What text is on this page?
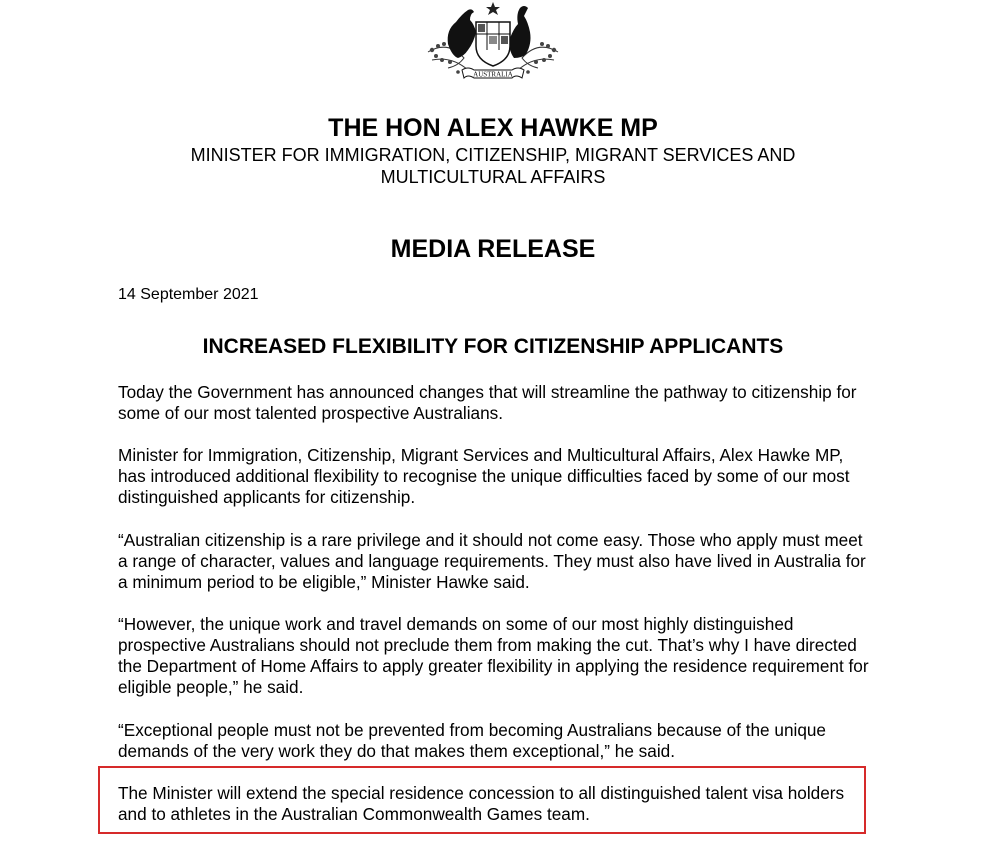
AUSTRALIA
THE HON ALEX HAWKE MP
MINISTER FOR IMMIGRATION, CITIZENSHIP, MIGRANT SERVICES AND MULTICULTURAL AFFAIRS
MEDIA RELEASE
14 September 2021
INCREASED FLEXIBILITY FOR CITIZENSHIP APPLICANTS

Today the Government has announced changes that will streamline the pathway to citizenship for some of our most talented prospective Australians.

Minister for Immigration, Citizenship, Migrant Services and Multicultural Affairs, Alex Hawke MP, has introduced additional flexibility to recognise the unique difficulties faced by some of our most distinguished applicants for citizenship.

“Australian citizenship is a rare privilege and it should not come easy. Those who apply must meet a range of character, values and language requirements. They must also have lived in Australia for a minimum period to be eligible,” Minister Hawke said.

“However, the unique work and travel demands on some of our most highly distinguished prospective Australians should not preclude them from making the cut. That’s why I have directed the Department of Home Affairs to apply greater flexibility in applying the residence requirement for eligible people,” he said.

“Exceptional people must not be prevented from becoming Australians because of the unique demands of the very work they do that makes them exceptional,” he said.

The Minister will extend the special residence concession to all distinguished talent visa holders and to athletes in the Australian Commonwealth Games team.
